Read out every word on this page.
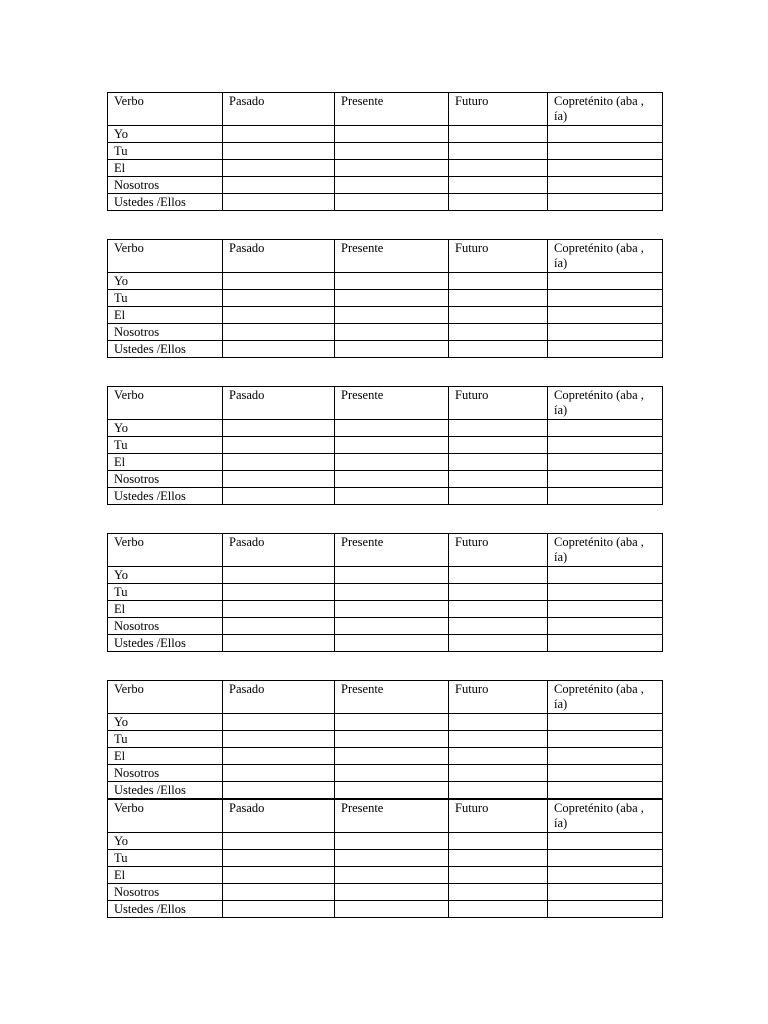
Verbo	Pasado	Presente	Futuro	Copreténito (aba , ía)
Yo				
Tu				
El				
Nosotros				
Ustedes /Ellos				
Verbo	Pasado	Presente	Futuro	Copreténito (aba , ía)
Yo				
Tu				
El				
Nosotros				
Ustedes /Ellos				
Verbo	Pasado	Presente	Futuro	Copreténito (aba , ía)
Yo				
Tu				
El				
Nosotros				
Ustedes /Ellos				
Verbo	Pasado	Presente	Futuro	Copreténito (aba , ía)
Yo				
Tu				
El				
Nosotros				
Ustedes /Ellos				
Verbo	Pasado	Presente	Futuro	Copreténito (aba , ía)
Yo				
Tu				
El				
Nosotros				
Ustedes /Ellos				
Verbo	Pasado	Presente	Futuro	Copreténito (aba , ía)
Yo				
Tu				
El				
Nosotros				
Ustedes /Ellos				
